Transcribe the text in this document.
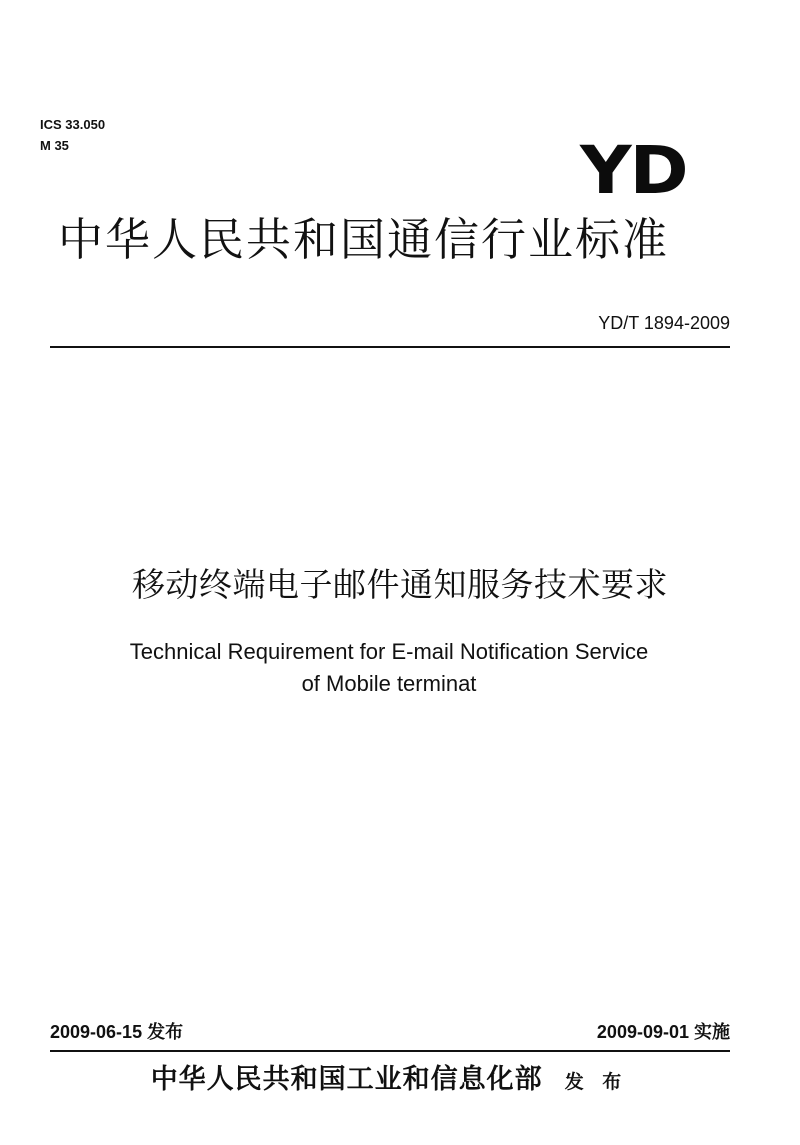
ICS 33.050
M 35	YD
中华人民共和国通信行业标准
YD/T 1894-2009
移动终端电子邮件通知服务技术要求
Technical Requirement for E-mail Notification Service
of Mobile terminat
2009-06-15 发布	2009-09-01 实施
中华人民共和国工业和信息化部 发 布
